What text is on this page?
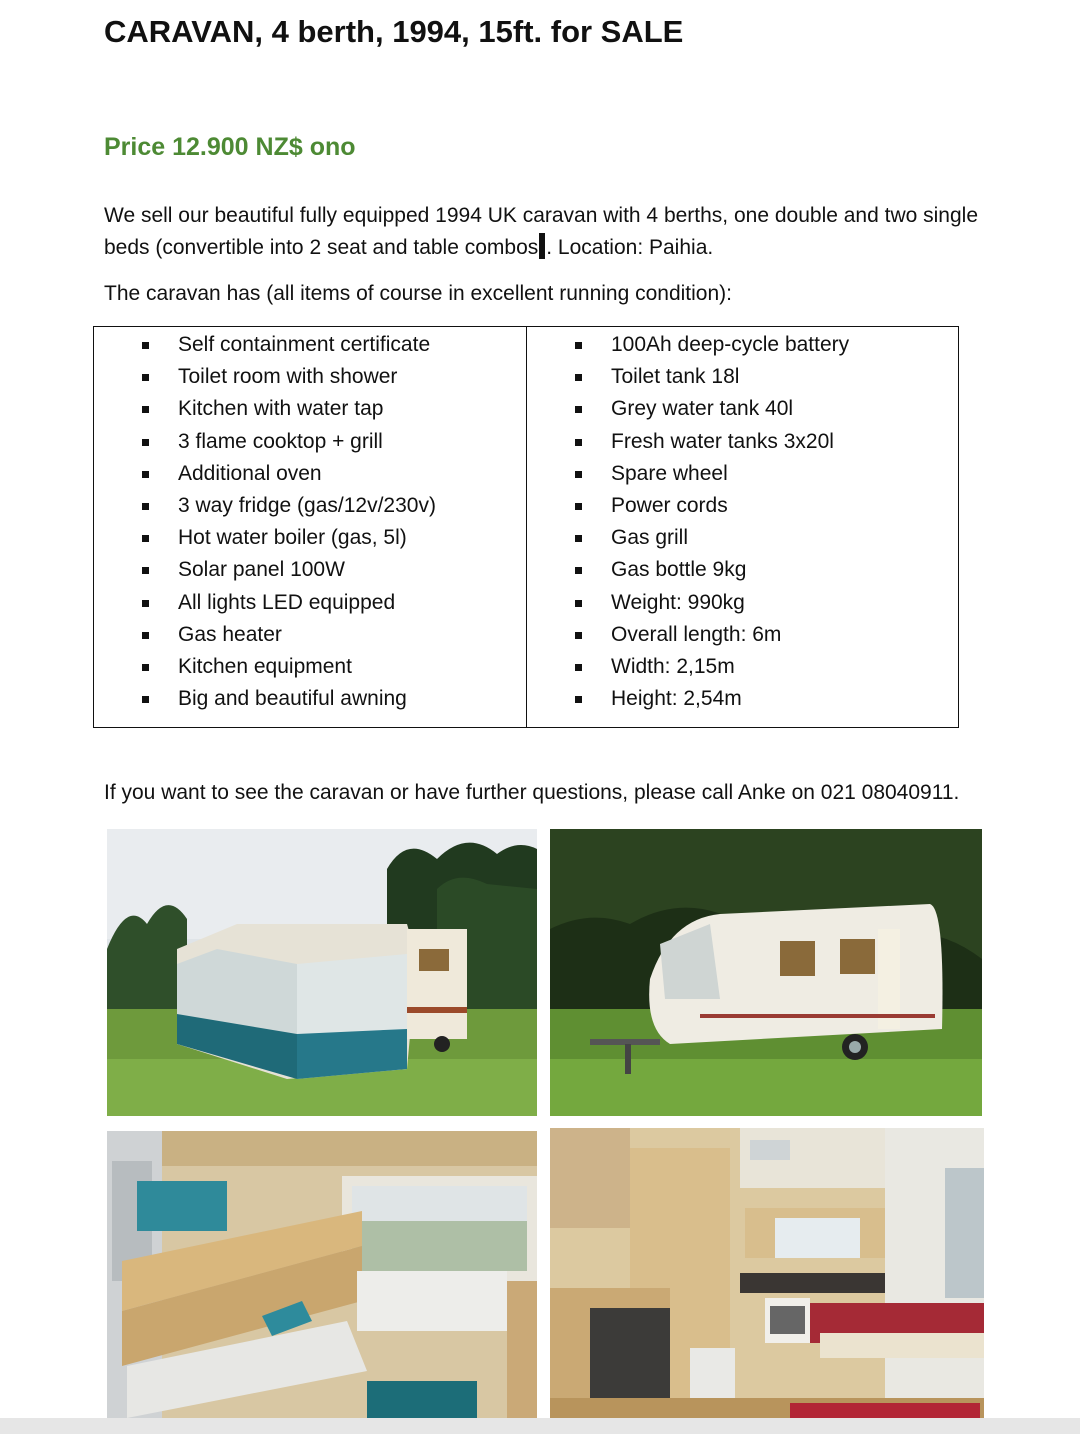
CARAVAN, 4 berth, 1994, 15ft. for SALE

Price 12.900 NZ$ ono

We sell our beautiful fully equipped 1994 UK caravan with 4 berths, one double and two single beds (convertible into 2 seat and table combos . Location: Paihia.

The caravan has (all items of course in excellent running condition):

Self containment certificate
Toilet room with shower
Kitchen with water tap
3 flame cooktop + grill
Additional oven
3 way fridge (gas/12v/230v)
Hot water boiler (gas, 5l)
Solar panel 100W
All lights LED equipped
Gas heater
Kitchen equipment
Big and beautiful awning
100Ah deep-cycle battery
Toilet tank 18l
Grey water tank 40l
Fresh water tanks 3x20l
Spare wheel
Power cords
Gas grill
Gas bottle 9kg
Weight: 990kg
Overall length: 6m
Width: 2,15m
Height: 2,54m

If you want to see the caravan or have further questions, please call Anke on 021 08040911.
